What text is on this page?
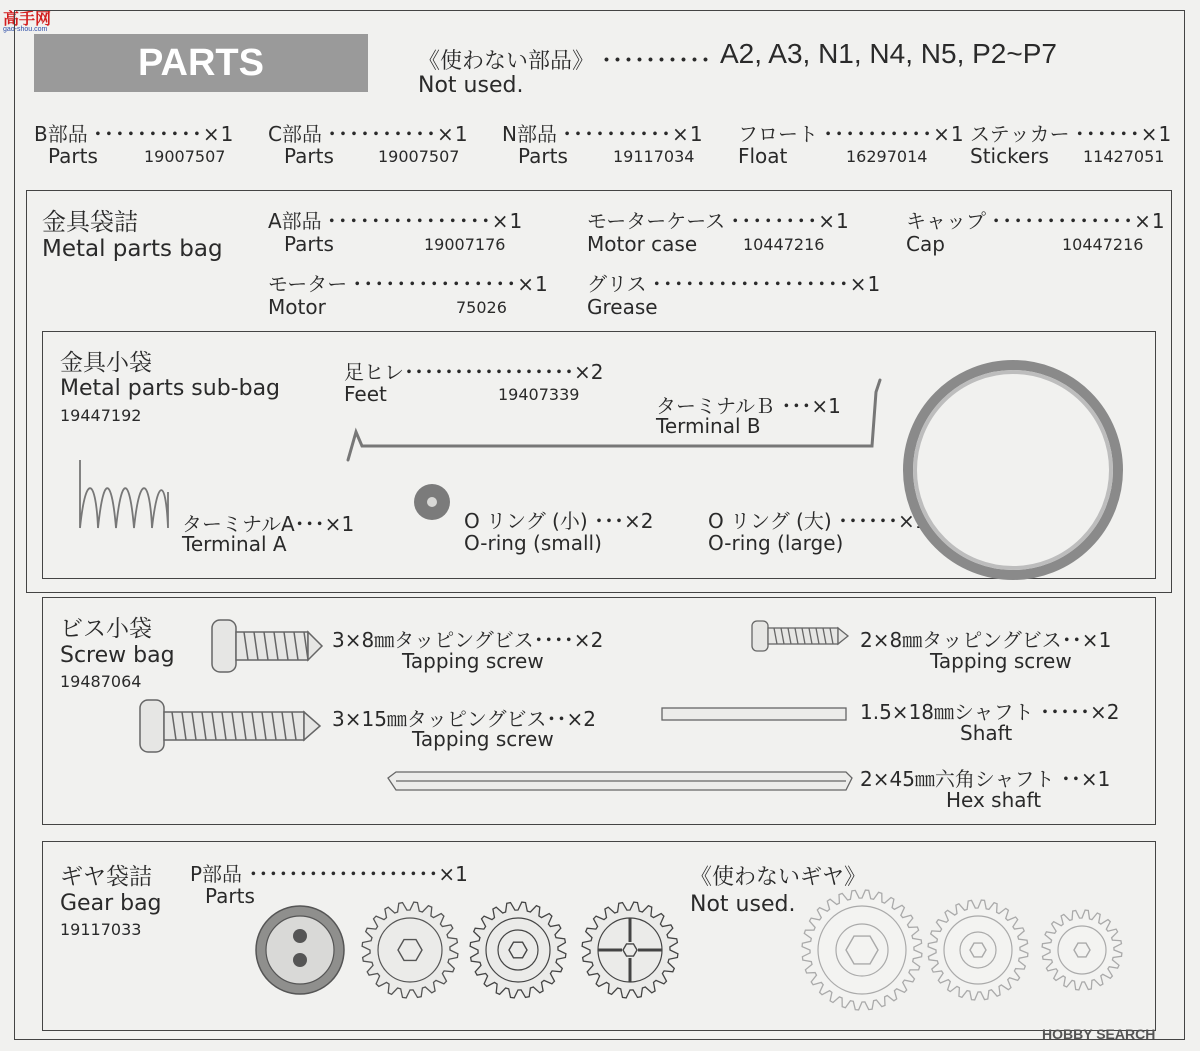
高手网
gao-shou.com
PARTS	《使わない部品》 ･･････････ A2, A3, N1, N4, N5, P2~P7
Not used.
B部品 ･･････････×1
Parts	19007507
C部品 ･･････････×1
Parts	19007507
N部品 ･･････････×1
Parts	19117034
フロート ･･････････×1
Float	16297014
ステッカー ･･････×1
Stickers 11427051
金具袋詰
Metal parts bag
A部品 ･･･････････････×1
Parts	19007176
モーターケース ････････×1
Motor case	10447216
キャップ ･････････････×1
Cap	10447216
モーター ･･･････････････×1
Motor	75026
グリス ･･････････････････×1
Grease
金具小袋
Metal parts sub-bag
19447192
足ヒレ･････････････････×2
Feet	19407339	ターミナルＢ ･･･×1
Terminal B
ターミナルA･･･×1
Terminal A
O リング (小) ･･･×2
O-ring (small)
O リング (大) ･･････×1
O-ring (large)
ビス小袋
Screw bag
19487064
3×8㎜タッピングビス････×2
Tapping screw
2×8㎜タッピングビス･･×1
Tapping screw
3×15㎜タッピングビス･･×2
Tapping screw
1.5×18㎜シャフト ･････×2
Shaft
2×45㎜六角シャフト ･･×1
Hex shaft
ギヤ袋詰
Gear bag
19117033
P部品 ･･･････････････････×1
Parts
《使わないギヤ》
Not used.
HOBBY SEARCH
